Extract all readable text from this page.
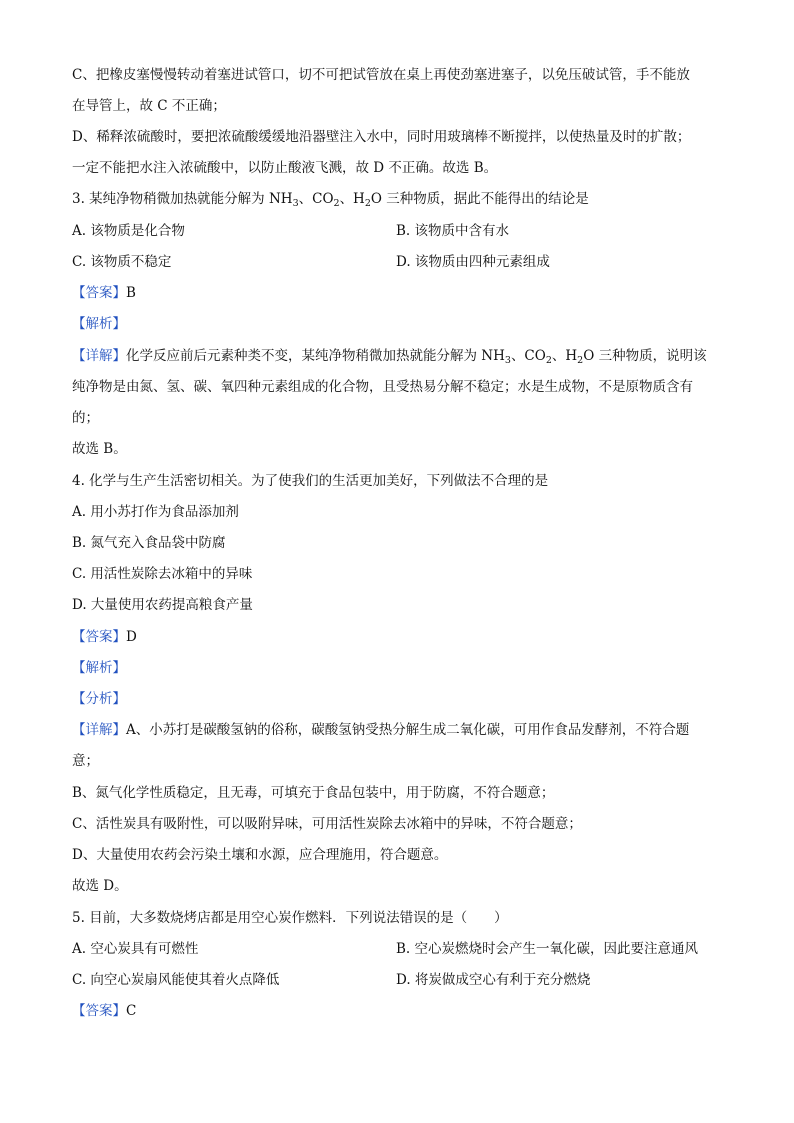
C、把橡皮塞慢慢转动着塞进试管口，切不可把试管放在桌上再使劲塞进塞子，以免压破试管，手不能放
在导管上，故 C 不正确；
D、稀释浓硫酸时，要把浓硫酸缓缓地沿器壁注入水中，同时用玻璃棒不断搅拌，以使热量及时的扩散；
一定不能把水注入浓硫酸中，以防止酸液飞溅，故 D 不正确。故选 B。
3. 某纯净物稍微加热就能分解为 $NH_3$、$CO_2$、$H_2O$ 三种物质，据此不能得出的结论是
A. 该物质是化合物	B. 该物质中含有水
C. 该物质不稳定	D. 该物质由四种元素组成
【答案】B
【解析】
【详解】化学反应前后元素种类不变，某纯净物稍微加热就能分解为 $NH_3$、$CO_2$、$H_2O$ 三种物质，说明该
纯净物是由氮、氢、碳、氧四种元素组成的化合物，且受热易分解不稳定；水是生成物，不是原物质含有
的；
故选 B。
4. 化学与生产生活密切相关。为了使我们的生活更加美好，下列做法不合理的是
A. 用小苏打作为食品添加剂
B. 氮气充入食品袋中防腐
C. 用活性炭除去冰箱中的异味
D. 大量使用农药提高粮食产量
【答案】D
【解析】
【分析】
【详解】A、小苏打是碳酸氢钠的俗称，碳酸氢钠受热分解生成二氧化碳，可用作食品发酵剂，不符合题
意；
B、氮气化学性质稳定，且无毒，可填充于食品包装中，用于防腐，不符合题意；
C、活性炭具有吸附性，可以吸附异味，可用活性炭除去冰箱中的异味，不符合题意；
D、大量使用农药会污染土壤和水源，应合理施用，符合题意。
故选 D。
5. 目前，大多数烧烤店都是用空心炭作燃料．下列说法错误的是（　　）
A. 空心炭具有可燃性	B. 空心炭燃烧时会产生一氧化碳，因此要注意通风
C. 向空心炭扇风能使其着火点降低	D. 将炭做成空心有利于充分燃烧
【答案】C
